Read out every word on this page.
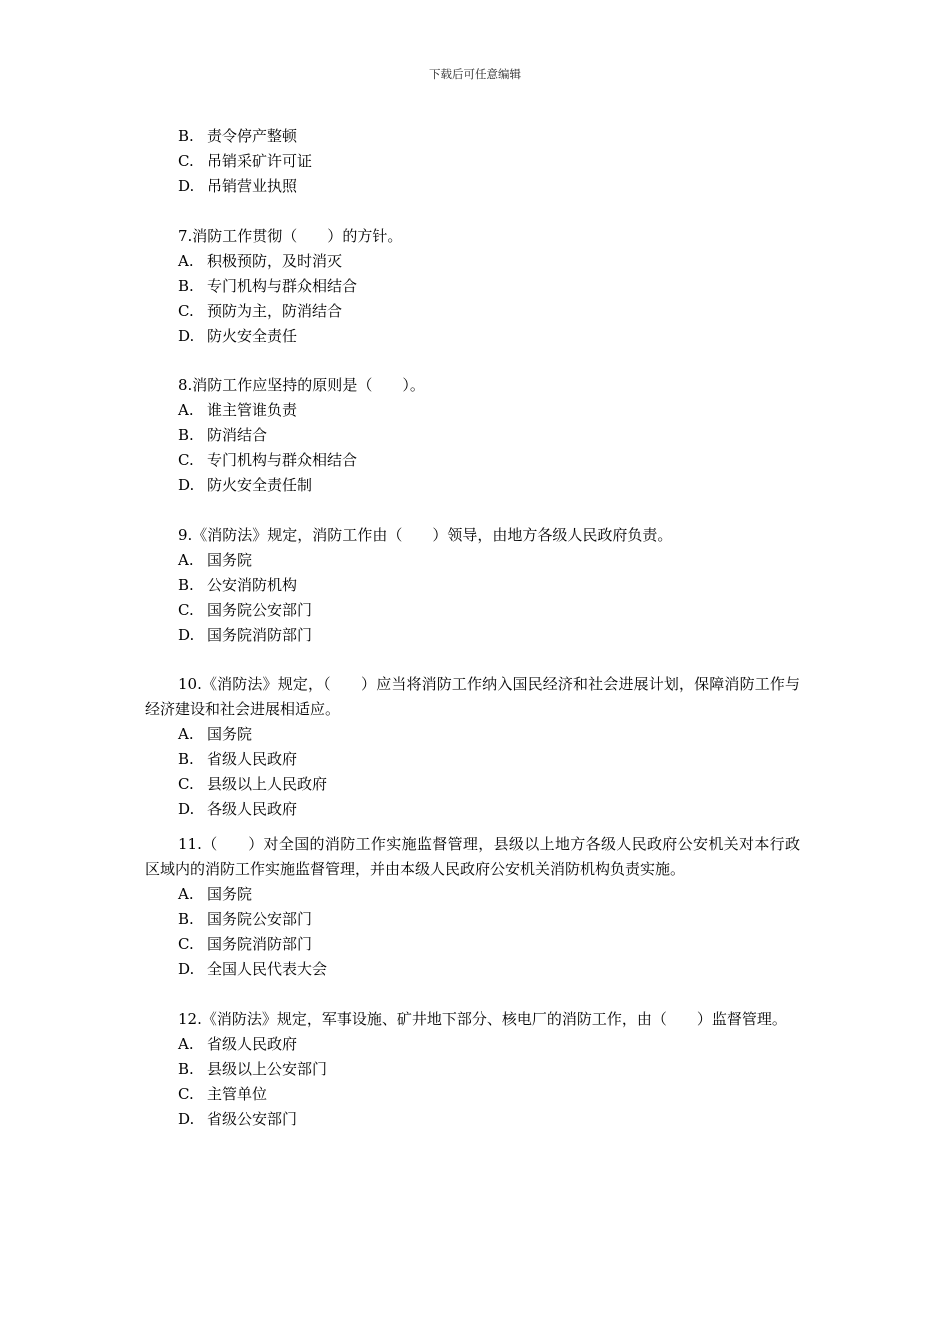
下载后可任意编辑
B. 责令停产整顿
C. 吊销采矿许可证
D. 吊销营业执照

7.消防工作贯彻（　　）的方针。

A. 积极预防，及时消灭
B. 专门机构与群众相结合
C. 预防为主，防消结合
D. 防火安全责任

8.消防工作应坚持的原则是（　　）。

A. 谁主管谁负责
B. 防消结合
C. 专门机构与群众相结合
D. 防火安全责任制

9.《消防法》规定，消防工作由（　　）领导，由地方各级人民政府负责。

A. 国务院
B. 公安消防机构
C. 国务院公安部门
D. 国务院消防部门

10.《消防法》规定，（　　）应当将消防工作纳入国民经济和社会进展计划，保障消防工作与经济建设和社会进展相适应。

A. 国务院
B. 省级人民政府
C. 县级以上人民政府
D. 各级人民政府

11.（　　）对全国的消防工作实施监督管理，县级以上地方各级人民政府公安机关对本行政区域内的消防工作实施监督管理，并由本级人民政府公安机关消防机构负责实施。

A. 国务院
B. 国务院公安部门
C. 国务院消防部门
D. 全国人民代表大会

12.《消防法》规定，军事设施、矿井地下部分、核电厂的消防工作，由（　　）监督管理。

A. 省级人民政府
B. 县级以上公安部门
C. 主管单位
D. 省级公安部门
